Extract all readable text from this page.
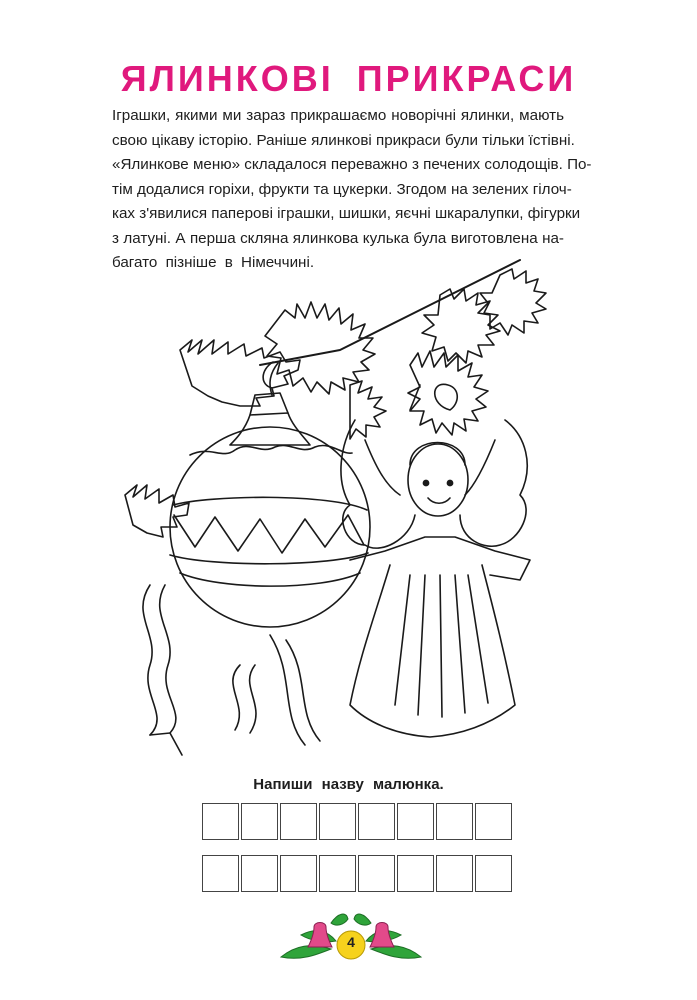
ЯЛИНКОВІ ПРИКРАСИ
Іграшки, якими ми зараз прикрашаємо новорічні ялинки, мають
свою цікаву історію. Раніше ялинкові прикраси були тільки їстівні.
«Ялинкове меню» складалося переважно з печених солодощів. По-
тім додалися горіхи, фрукти та цукерки. Згодом на зелених гілоч-
ках з'явилися паперові іграшки, шишки, яєчні шкаралупки, фігурки
з латуні. А перша скляна ялинкова кулька була виготовлена на-
багато пізніше в Німеччині.
Напиши назву малюнка.
4
